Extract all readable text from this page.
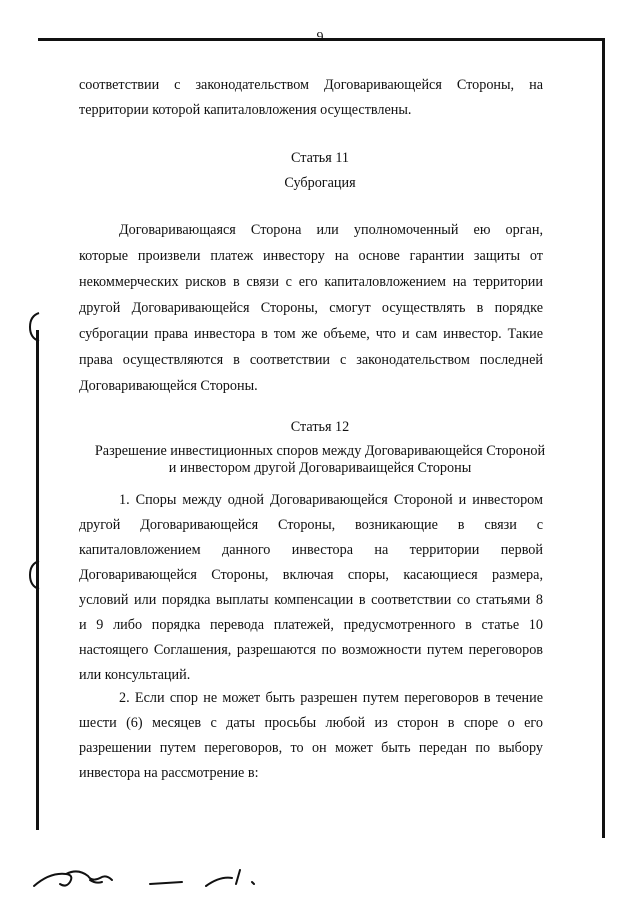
9
соответствии с законодательством Договаривающейся Стороны, на
территории которой капиталовложения осуществлены.
Статья 11
Суброгация
Договаривающаяся Сторона или уполномоченный ею орган,
которые произвели платеж инвестору на основе гарантии защиты от
некоммерческих рисков в связи с его капиталовложением на территории
другой Договаривающейся Стороны, смогут осуществлять в порядке
суброгации права инвестора в том же объеме, что и сам инвестор. Такие
права осуществляются в соответствии с законодательством последней
Договаривающейся Стороны.
Статья 12
Разрешение инвестиционных споров между Договаривающейся Стороной
и инвестором другой Договариваищейся Стороны
1. Споры между одной Договаривающейся Стороной и инвестором
другой Договаривающейся Стороны, возникающие в связи с
капиталовложением данного инвестора на территории первой
Договаривающейся Стороны, включая споры, касающиеся размера,
условий или порядка выплаты компенсации в соответствии со статьями 8
и 9 либо порядка перевода платежей, предусмотренного в статье 10
настоящего Соглашения, разрешаются по возможности путем переговоров
или консультаций.
2. Если спор не может быть разрешен путем переговоров в течение
шести (6) месяцев с даты просьбы любой из сторон в споре о его
разрешении путем переговоров, то он может быть передан по выбору
инвестора на рассмотрение в:
